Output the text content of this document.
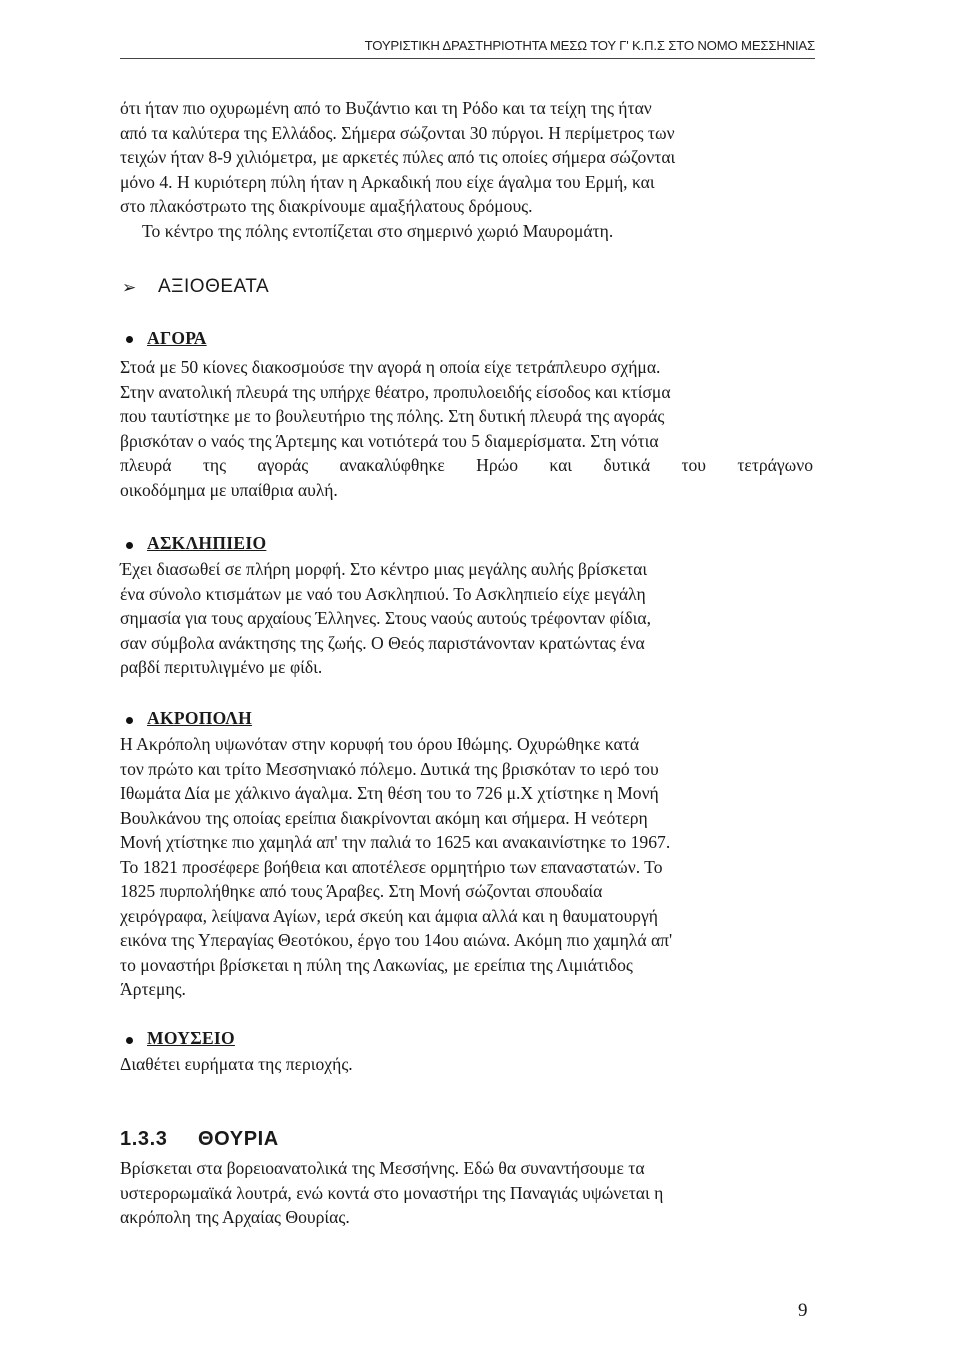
ΤΟΥΡΙΣΤΙΚΗ ΔΡΑΣΤΗΡΙΟΤΗΤΑ ΜΕΣΩ ΤΟΥ Γ' Κ.Π.Σ ΣΤΟ ΝΟΜΟ ΜΕΣΣΗΝΙΑΣ

ότι ήταν πιο οχυρωμένη από το Βυζάντιο και τη Ρόδο και τα τείχη της ήταν

από τα καλύτερα της Ελλάδος. Σήμερα σώζονται 30 πύργοι. Η περίμετρος των

τειχών ήταν 8-9 χιλιόμετρα, με αρκετές πύλες από τις οποίες σήμερα σώζονται

μόνο 4. Η κυριότερη πύλη ήταν η Αρκαδική που είχε άγαλμα του Ερμή, και

στο πλακόστρωτο της διακρίνουμε αμαξήλατους δρόμους.

Το κέντρο της πόλης εντοπίζεται στο σημερινό χωριό Μαυρομάτη.

➢ ΑΞΙΟΘΕΑΤΑ
ΑΓΟΡΑ

Στοά με 50 κίονες διακοσμούσε την αγορά η οποία είχε τετράπλευρο σχήμα.

Στην ανατολική πλευρά της υπήρχε θέατρο, προπυλοειδής είσοδος και κτίσμα

που ταυτίστηκε με το βουλευτήριο της πόλης. Στη δυτική πλευρά της αγοράς

βρισκόταν ο ναός της Άρτεμης και νοτιότερά του 5 διαμερίσματα. Στη νότια

πλευρά της αγοράς ανακαλύφθηκε Ηρώο και δυτικά του τετράγωνο

οικοδόμημα με υπαίθρια αυλή.

ΑΣΚΛΗΠΙΕΙΟ

Έχει διασωθεί σε πλήρη μορφή. Στο κέντρο μιας μεγάλης αυλής βρίσκεται

ένα σύνολο κτισμάτων με ναό του Ασκληπιού. Το Ασκληπιείο είχε μεγάλη

σημασία για τους αρχαίους Έλληνες. Στους ναούς αυτούς τρέφονταν φίδια,

σαν σύμβολα ανάκτησης της ζωής. Ο Θεός παριστάνονταν κρατώντας ένα

ραβδί περιτυλιγμένο με φίδι.

ΑΚΡΟΠΟΛΗ

Η Ακρόπολη υψωνόταν στην κορυφή του όρου Ιθώμης. Οχυρώθηκε κατά

τον πρώτο και τρίτο Μεσσηνιακό πόλεμο. Δυτικά της βρισκόταν το ιερό του

Ιθωμάτα Δία με χάλκινο άγαλμα. Στη θέση του το 726 μ.Χ χτίστηκε η Μονή

Βουλκάνου της οποίας ερείπια διακρίνονται ακόμη και σήμερα. Η νεότερη

Μονή χτίστηκε πιο χαμηλά απ' την παλιά το 1625 και ανακαινίστηκε το 1967.

Το 1821 προσέφερε βοήθεια και αποτέλεσε ορμητήριο των επαναστατών. Το

1825 πυρπολήθηκε από τους Άραβες. Στη Μονή σώζονται σπουδαία

χειρόγραφα, λείψανα Αγίων, ιερά σκεύη και άμφια αλλά και η θαυματουργή

εικόνα της Υπεραγίας Θεοτόκου, έργο του 14ου αιώνα. Ακόμη πιο χαμηλά απ'

το μοναστήρι βρίσκεται η πύλη της Λακωνίας, με ερείπια της Λιμιάτιδος

Άρτεμης.

ΜΟΥΣΕΙΟ

Διαθέτει ευρήματα της περιοχής.

1.3.3 ΘΟΥΡΙΑ

Βρίσκεται στα βορειοανατολικά της Μεσσήνης. Εδώ θα συναντήσουμε τα

υστερορωμαϊκά λουτρά, ενώ κοντά στο μοναστήρι της Παναγιάς υψώνεται η

ακρόπολη της Αρχαίας Θουρίας.

9
